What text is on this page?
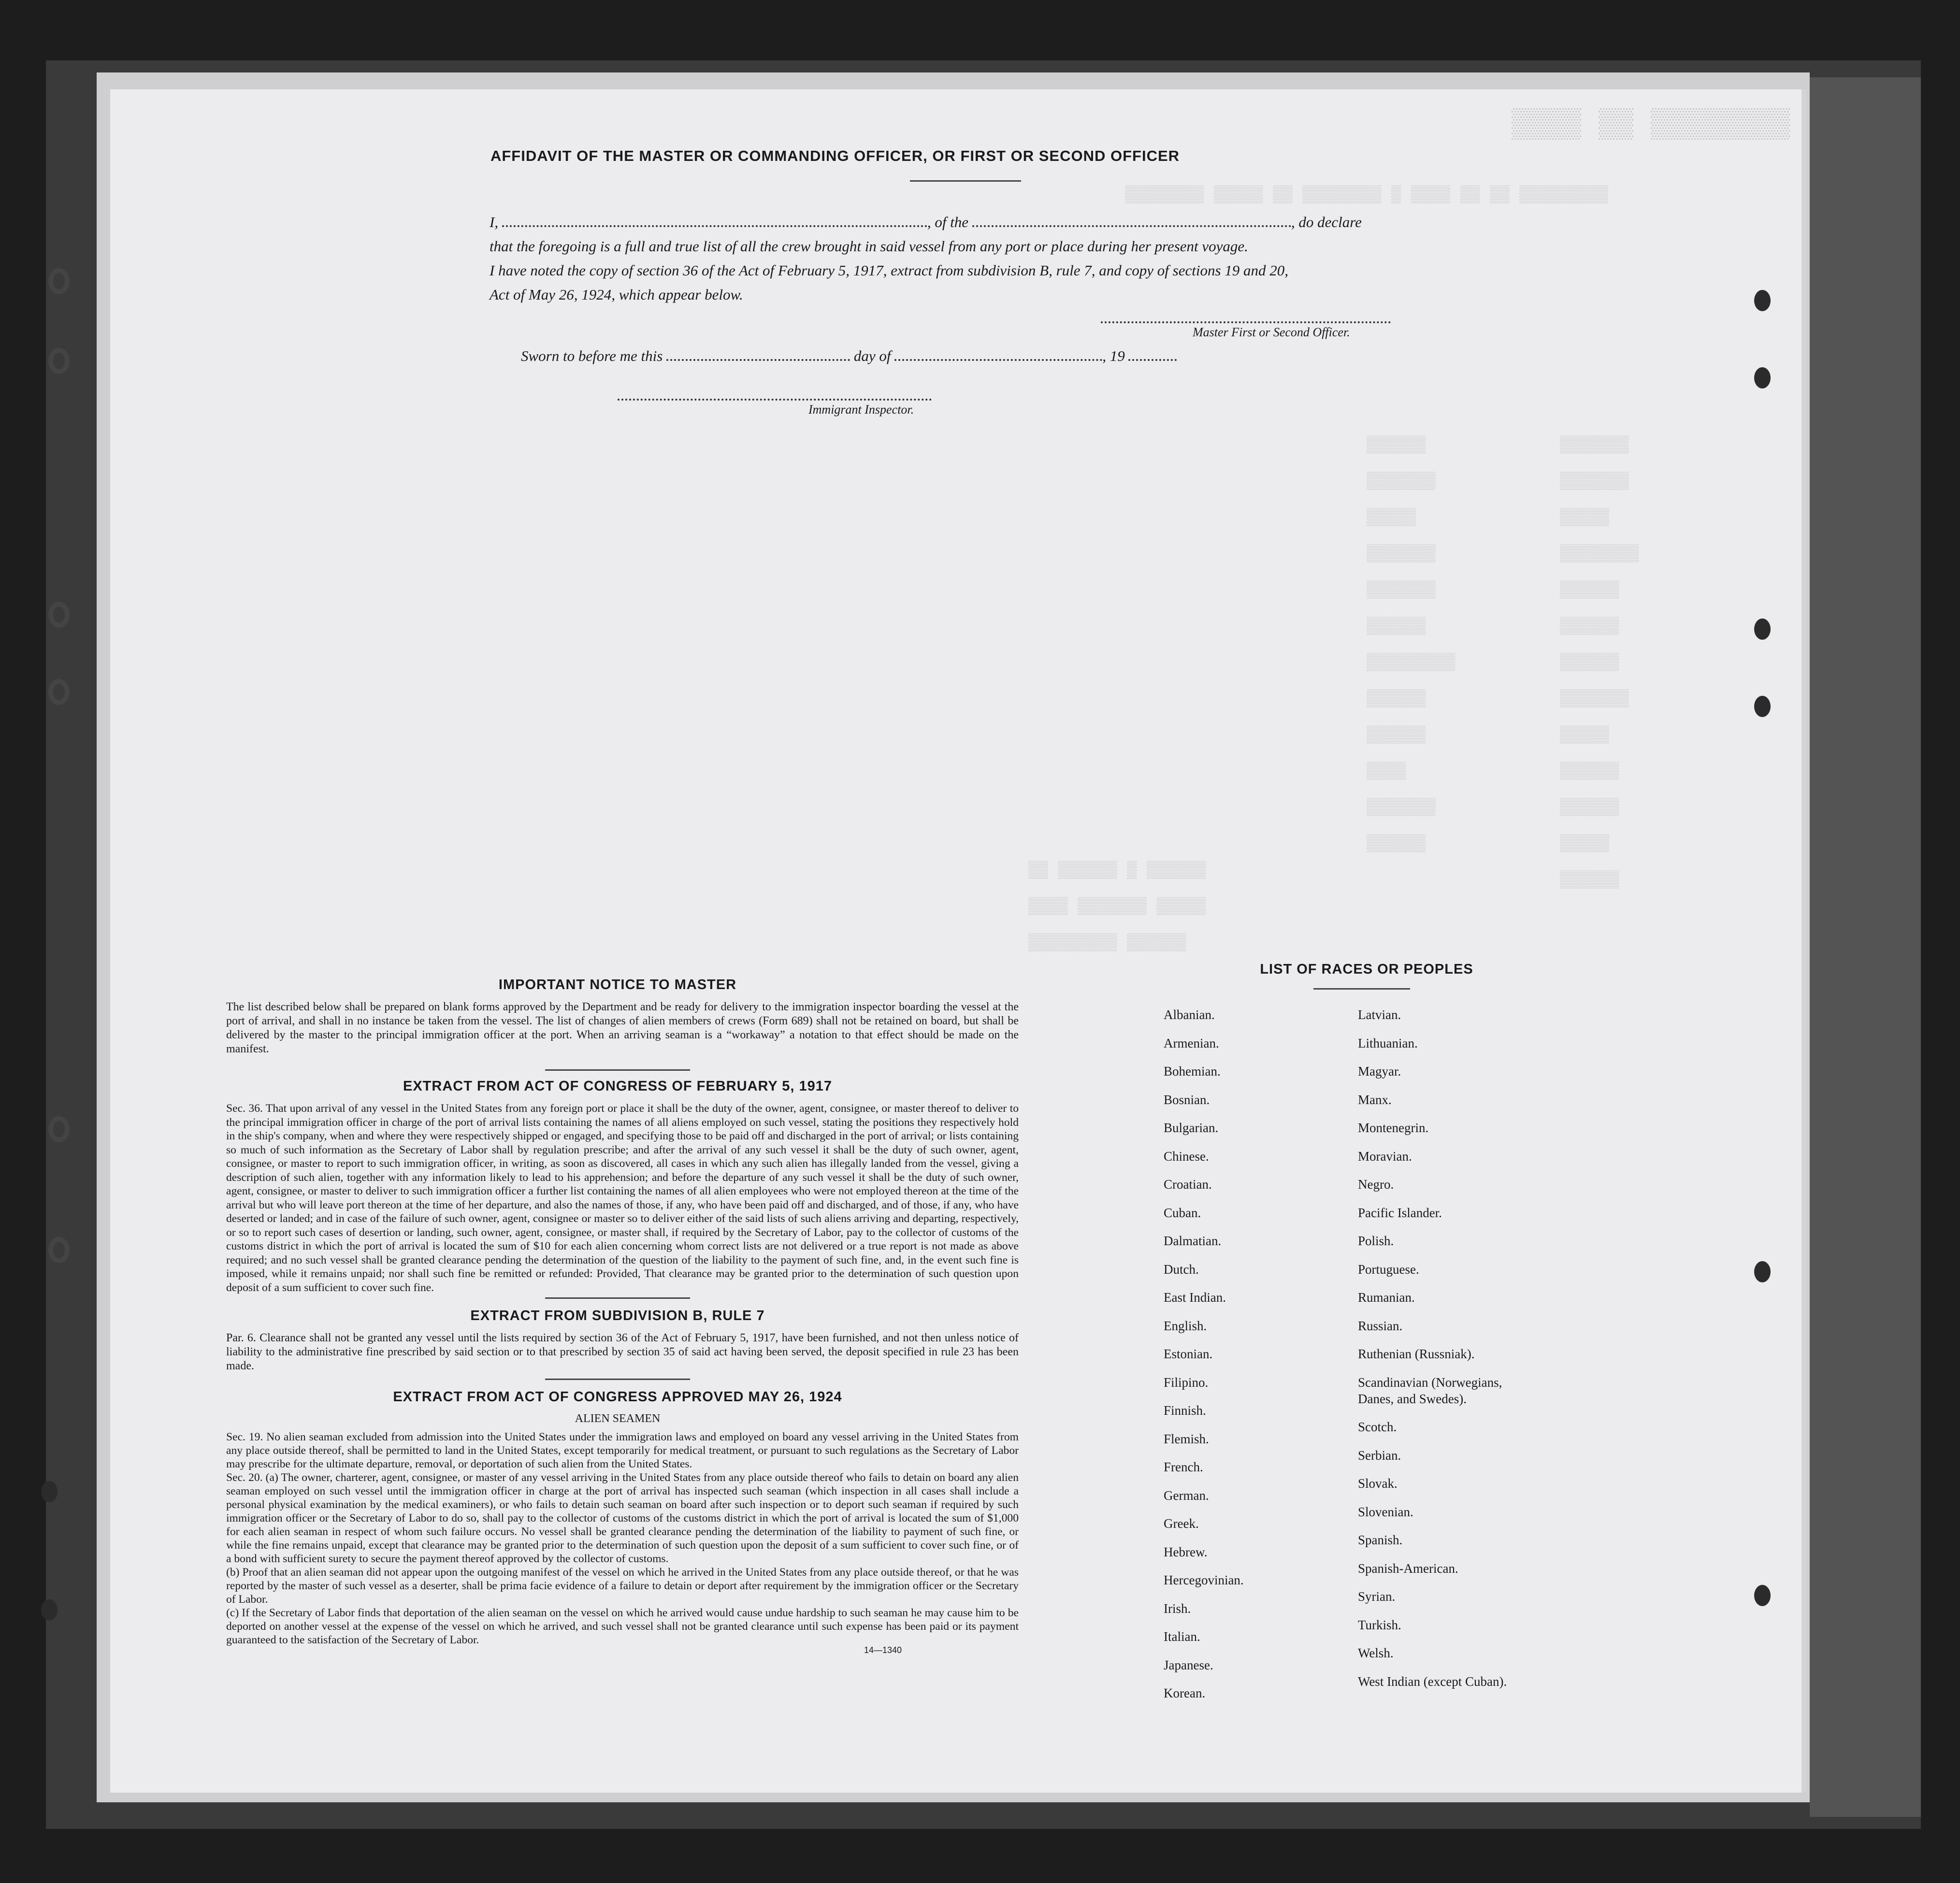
▒▒▒▒ ▒▒ ▒▒▒▒▒▒▒▒
▒▒▒▒▒▒▒▒ ▒▒▒▒▒ ▒▒ ▒▒▒▒▒▒▒▒ ▒ ▒▒▒▒ ▒▒ ▒▒ ▒▒▒▒▒▒▒▒▒
▒▒▒▒▒▒▒
▒▒▒▒▒▒▒
▒▒▒▒▒
▒▒▒▒▒▒▒▒
▒▒▒▒▒▒
▒▒▒▒▒▒
▒▒▒▒▒▒
▒▒▒▒▒▒▒
▒▒▒▒▒
▒▒▒▒▒▒
▒▒▒▒▒▒
▒▒▒▒▒
▒▒▒▒▒▒
▒▒▒▒▒▒
▒▒▒▒▒▒▒
▒▒▒▒▒
▒▒▒▒▒▒▒
▒▒▒▒▒▒▒
▒▒▒▒▒▒
▒▒▒▒▒▒▒▒▒
▒▒▒▒▒▒
▒▒▒▒▒▒
▒▒▒▒
▒▒▒▒▒▒▒
▒▒▒▒▒▒
▒▒ ▒▒▒▒▒▒ ▒ ▒▒▒▒▒▒
▒▒▒▒ ▒▒▒▒▒▒▒ ▒▒▒▒▒
▒▒▒▒▒▒▒▒▒ ▒▒▒▒▒▒
AFFIDAVIT OF THE MASTER OR COMMANDING OFFICER, OR FIRST OR SECOND OFFICER
I,	, of the	, do declare
that the foregoing is a full and true list of all the crew brought in said vessel from any port or place during her present voyage.
I have noted the copy of section 36 of the Act of February 5, 1917, extract from subdivision B, rule 7, and copy of sections 19 and 20,
Act of May 26, 1924, which appear below.
Master First or Second Officer.
Sworn to before me this	day of	, 19
Immigrant Inspector.
IMPORTANT NOTICE TO MASTER
The list described below shall be prepared on blank forms approved by the Department and be ready for delivery to the immigration inspector boarding the vessel at the port of arrival, and shall in no instance be taken from the vessel. The list of changes of alien members of crews (Form 689) shall not be retained on board, but shall be delivered by the master to the principal immigration officer at the port. When an arriving seaman is a “workaway” a notation to that effect should be made on the manifest.
EXTRACT FROM ACT OF CONGRESS OF FEBRUARY 5, 1917
Sec. 36. That upon arrival of any vessel in the United States from any foreign port or place it shall be the duty of the owner, agent, consignee, or master thereof to deliver to the principal immigration officer in charge of the port of arrival lists containing the names of all aliens employed on such vessel, stating the positions they respectively hold in the ship's company, when and where they were respectively shipped or engaged, and specifying those to be paid off and discharged in the port of arrival; or lists containing so much of such information as the Secretary of Labor shall by regulation prescribe; and after the arrival of any such vessel it shall be the duty of such owner, agent, consignee, or master to report to such immigration officer, in writing, as soon as discovered, all cases in which any such alien has illegally landed from the vessel, giving a description of such alien, together with any information likely to lead to his apprehension; and before the departure of any such vessel it shall be the duty of such owner, agent, consignee, or master to deliver to such immigration officer a further list containing the names of all alien employees who were not employed thereon at the time of the arrival but who will leave port thereon at the time of her departure, and also the names of those, if any, who have been paid off and discharged, and of those, if any, who have deserted or landed; and in case of the failure of such owner, agent, consignee or master so to deliver either of the said lists of such aliens arriving and departing, respectively, or so to report such cases of desertion or landing, such owner, agent, consignee, or master shall, if required by the Secretary of Labor, pay to the collector of customs of the customs district in which the port of arrival is located the sum of $10 for each alien concerning whom correct lists are not delivered or a true report is not made as above required; and no such vessel shall be granted clearance pending the determination of the question of the liability to the payment of such fine, and, in the event such fine is imposed, while it remains unpaid; nor shall such fine be remitted or refunded: Provided, That clearance may be granted prior to the determination of such question upon deposit of a sum sufficient to cover such fine.
EXTRACT FROM SUBDIVISION B, RULE 7
Par. 6. Clearance shall not be granted any vessel until the lists required by section 36 of the Act of February 5, 1917, have been furnished, and not then unless notice of liability to the administrative fine prescribed by said section or to that prescribed by section 35 of said act having been served, the deposit specified in rule 23 has been made.
EXTRACT FROM ACT OF CONGRESS APPROVED MAY 26, 1924
ALIEN SEAMEN
Sec. 19. No alien seaman excluded from admission into the United States under the immigration laws and employed on board any vessel arriving in the United States from any place outside thereof, shall be permitted to land in the United States, except temporarily for medical treatment, or pursuant to such regulations as the Secretary of Labor may prescribe for the ultimate departure, removal, or deportation of such alien from the United States.
Sec. 20. (a) The owner, charterer, agent, consignee, or master of any vessel arriving in the United States from any place outside thereof who fails to detain on board any alien seaman employed on such vessel until the immigration officer in charge at the port of arrival has inspected such seaman (which inspection in all cases shall include a personal physical examination by the medical examiners), or who fails to detain such seaman on board after such inspection or to deport such seaman if required by such immigration officer or the Secretary of Labor to do so, shall pay to the collector of customs of the customs district in which the port of arrival is located the sum of $1,000 for each alien seaman in respect of whom such failure occurs. No vessel shall be granted clearance pending the determination of the liability to payment of such fine, or while the fine remains unpaid, except that clearance may be granted prior to the determination of such question upon the deposit of a sum sufficient to cover such fine, or of a bond with sufficient surety to secure the payment thereof approved by the collector of customs.
(b) Proof that an alien seaman did not appear upon the outgoing manifest of the vessel on which he arrived in the United States from any place outside thereof, or that he was reported by the master of such vessel as a deserter, shall be prima facie evidence of a failure to detain or deport after requirement by the immigration officer or the Secretary of Labor.
(c) If the Secretary of Labor finds that deportation of the alien seaman on the vessel on which he arrived would cause undue hardship to such seaman he may cause him to be deported on another vessel at the expense of the vessel on which he arrived, and such vessel shall not be granted clearance until such expense has been paid or its payment guaranteed to the satisfaction of the Secretary of Labor.
14—1340
LIST OF RACES OR PEOPLES
Albanian.
Armenian.
Bohemian.
Bosnian.
Bulgarian.
Chinese.
Croatian.
Cuban.
Dalmatian.
Dutch.
East Indian.
English.
Estonian.
Filipino.
Finnish.
Flemish.
French.
German.
Greek.
Hebrew.
Hercegovinian.
Irish.
Italian.
Japanese.
Korean.
Latvian.
Lithuanian.
Magyar.
Manx.
Montenegrin.
Moravian.
Negro.
Pacific Islander.
Polish.
Portuguese.
Rumanian.
Russian.
Ruthenian (Russniak).
Scandinavian (Norwegians,
Danes, and Swedes).
Scotch.
Serbian.
Slovak.
Slovenian.
Spanish.
Spanish-American.
Syrian.
Turkish.
Welsh.
West Indian (except Cuban).
